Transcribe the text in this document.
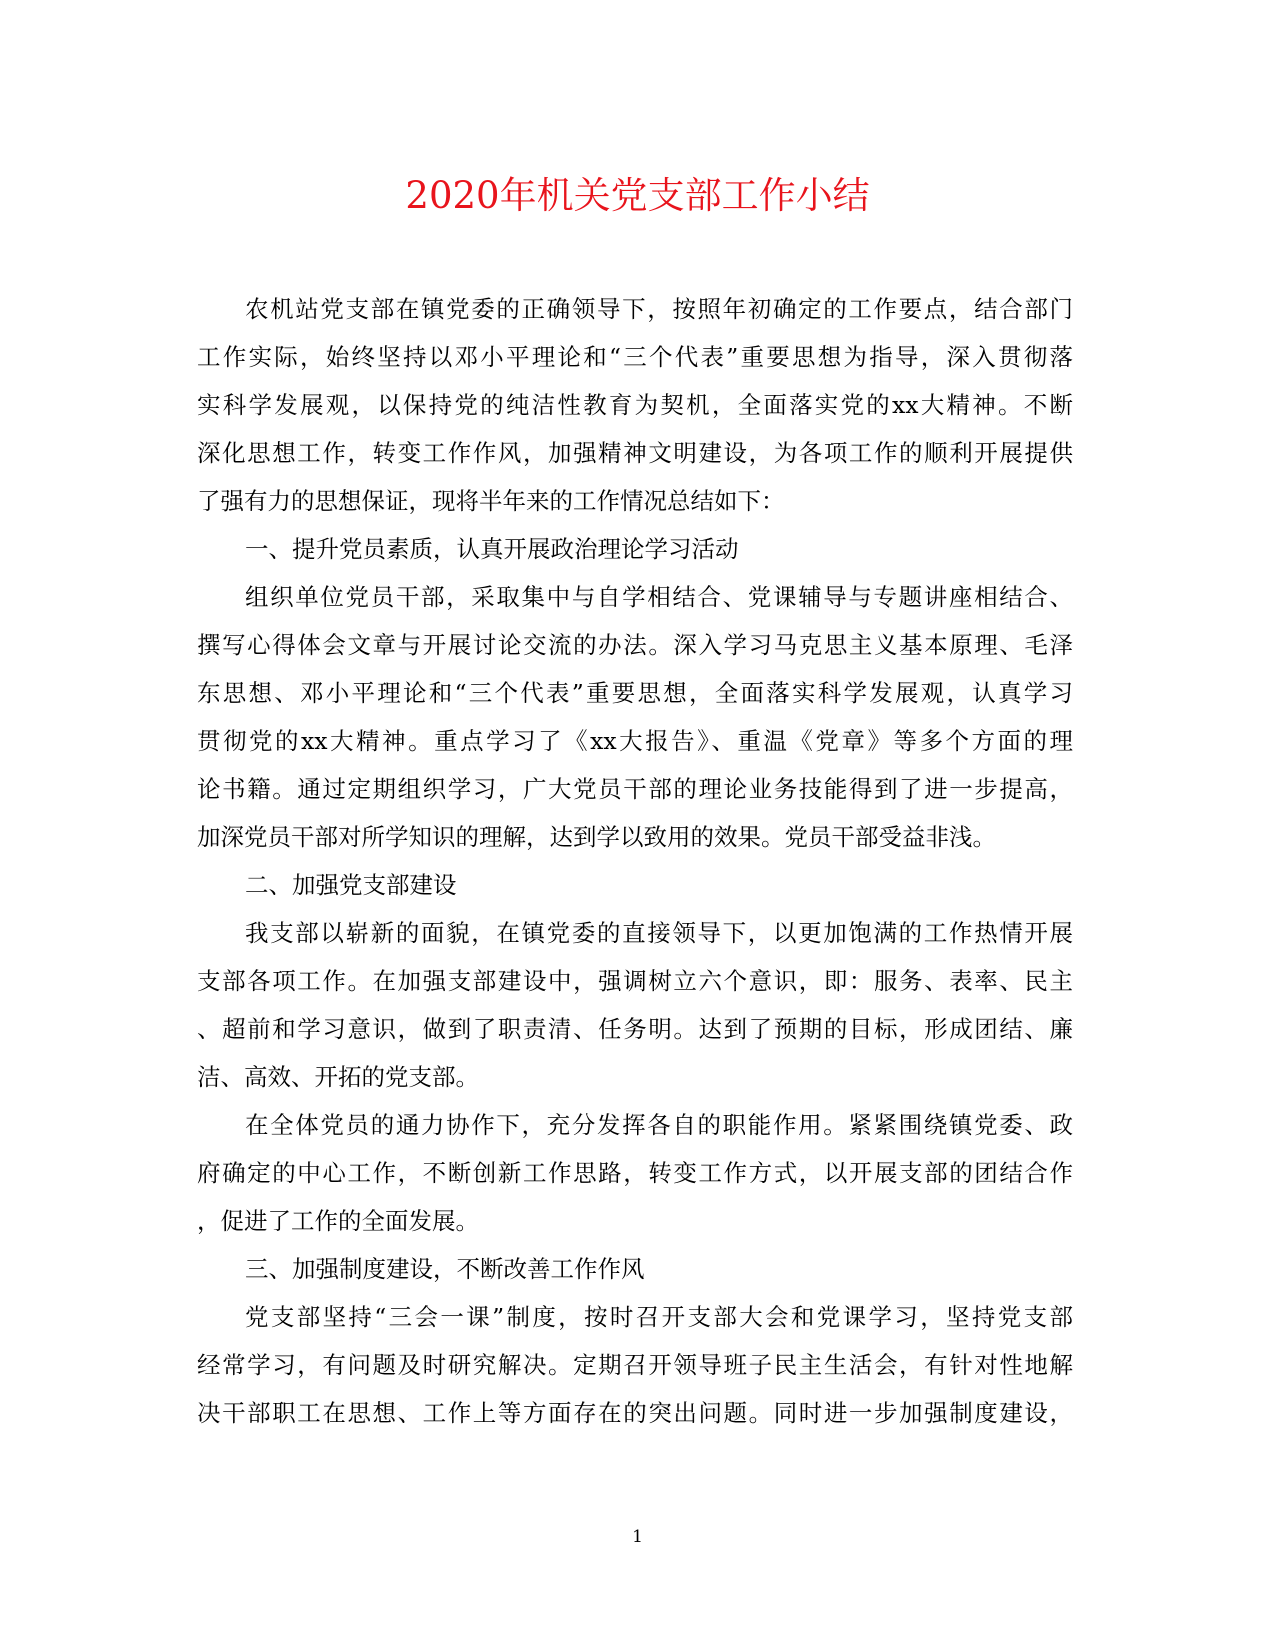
2020年机关党支部工作小结
农机站党支部在镇党委的正确领导下，按照年初确定的工作要点，结合部门
工作实际，始终坚持以邓小平理论和“三个代表”重要思想为指导，深入贯彻落
实科学发展观，以保持党的纯洁性教育为契机，全面落实党的xx大精神。不断
深化思想工作，转变工作作风，加强精神文明建设，为各项工作的顺利开展提供
了强有力的思想保证，现将半年来的工作情况总结如下：
一、提升党员素质，认真开展政治理论学习活动
组织单位党员干部，采取集中与自学相结合、党课辅导与专题讲座相结合、
撰写心得体会文章与开展讨论交流的办法。深入学习马克思主义基本原理、毛泽
东思想、邓小平理论和“三个代表”重要思想，全面落实科学发展观，认真学习
贯彻党的xx大精神。重点学习了《xx大报告》、重温《党章》等多个方面的理
论书籍。通过定期组织学习，广大党员干部的理论业务技能得到了进一步提高，
加深党员干部对所学知识的理解，达到学以致用的效果。党员干部受益非浅。
二、加强党支部建设
我支部以崭新的面貌，在镇党委的直接领导下，以更加饱满的工作热情开展
支部各项工作。在加强支部建设中，强调树立六个意识，即：服务、表率、民主
、超前和学习意识，做到了职责清、任务明。达到了预期的目标，形成团结、廉
洁、高效、开拓的党支部。
在全体党员的通力协作下，充分发挥各自的职能作用。紧紧围绕镇党委、政
府确定的中心工作，不断创新工作思路，转变工作方式，以开展支部的团结合作
，促进了工作的全面发展。
三、加强制度建设，不断改善工作作风
党支部坚持“三会一课”制度，按时召开支部大会和党课学习，坚持党支部
经常学习，有问题及时研究解决。定期召开领导班子民主生活会，有针对性地解
决干部职工在思想、工作上等方面存在的突出问题。同时进一步加强制度建设，
1
